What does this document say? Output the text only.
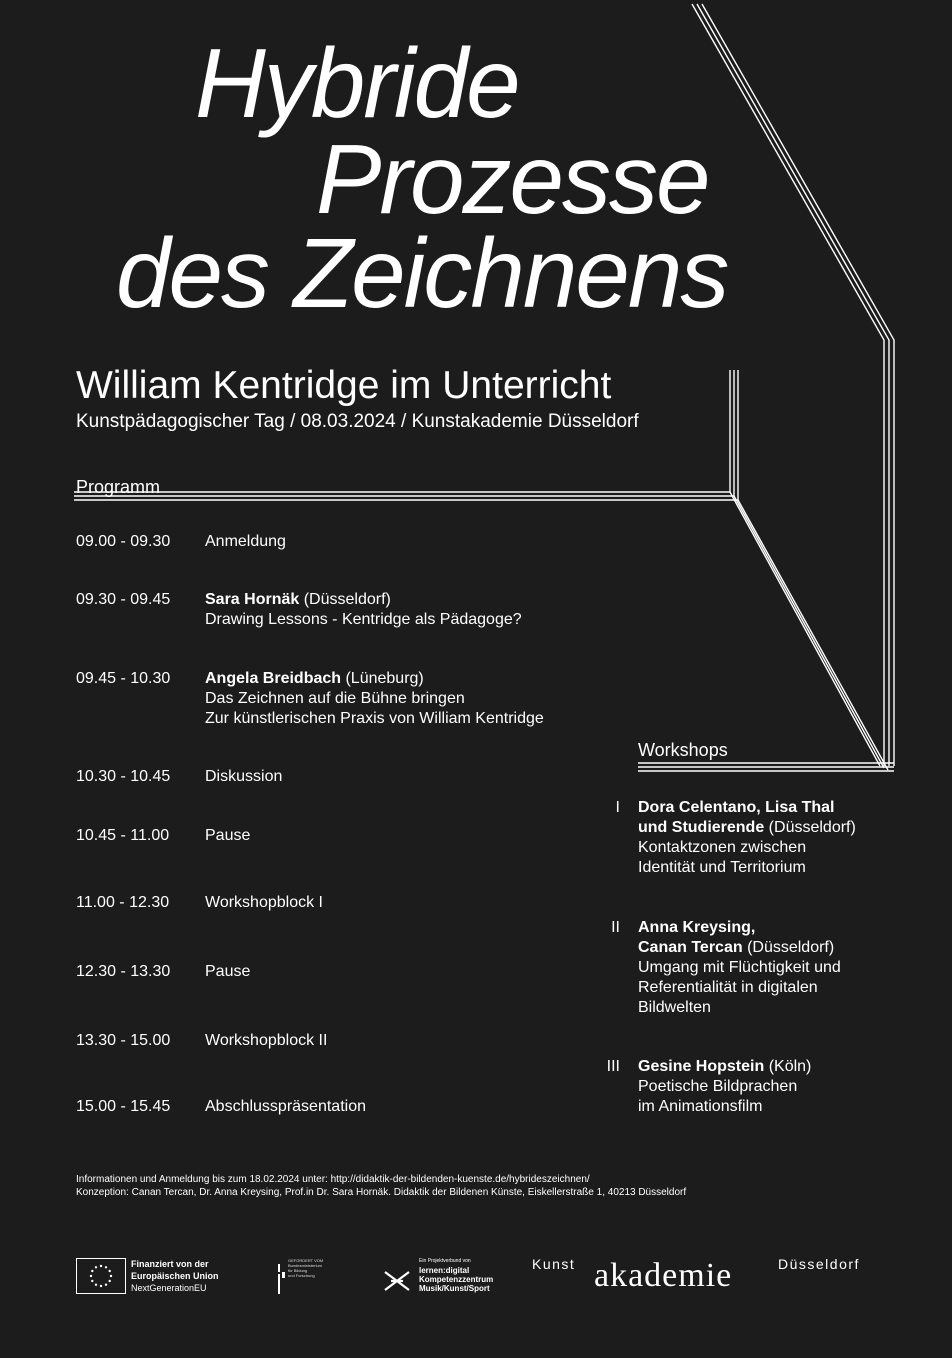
Hybride
Prozesse
des Zeichnens
William Kentridge im Unterricht
Kunstpädagogischer Tag / 08.03.2024 / Kunstakademie Düsseldorf
Programm
09.00 - 09.30 Anmeldung
09.30 - 09.45 Sara Hornäk (Düsseldorf)
Drawing Lessons - Kentridge als Pädagoge?
09.45 - 10.30 Angela Breidbach (Lüneburg)
Das Zeichnen auf die Bühne bringen
Zur künstlerischen Praxis von William Kentridge
10.30 - 10.45 Diskussion
10.45 - 11.00 Pause
11.00 - 12.30 Workshopblock I
12.30 - 13.30 Pause
13.30 - 15.00 Workshopblock II
15.00 - 15.45 Abschlusspräsentation
Workshops
I Dora Celentano, Lisa Thal
und Studierende (Düsseldorf)
Kontaktzonen zwischen
Identität und Territorium
II Anna Kreysing,
Canan Tercan (Düsseldorf)
Umgang mit Flüchtigkeit und
Referentialität in digitalen
Bildwelten
III Gesine Hopstein (Köln)
Poetische Bildprachen
im Animationsfilm
Informationen und Anmeldung bis zum 18.02.2024 unter: http://didaktik-der-bildenden-kuenste.de/hybrideszeichnen/
Konzeption: Canan Tercan, Dr. Anna Kreysing, Prof.in Dr. Sara Hornäk. Didaktik der Bildenen Künste, Eiskellerstraße 1, 40213 Düsseldorf
Finanziert von der
Europäischen Union
NextGenerationEU
GEFÖRDERT VOM
Bundesministerium
für Bildung
und Forschung
Ein Projektverbund von
lernen:digital
Kompetenzzentrum
Musik/Kunst/Sport
Kunst akademie	Düsseldorf
